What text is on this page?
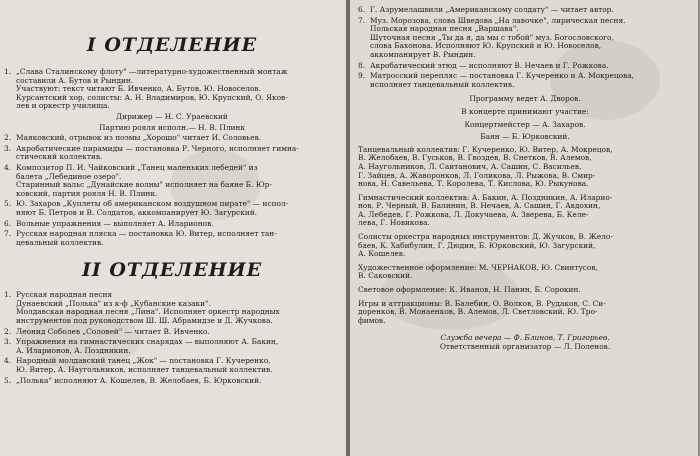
I ОТДЕЛЕНИЕ
1. „Слава Сталинскому флоту" —литературно-художественный монтаж
составили А. Бутов и Рындин.
Участвуют: текст читают Б. Ивченко, А. Бутов, Ю. Новоселов.
Курсантский хор, солисты: А. Н. Владимиров, Ю. Крупский, О. Яков-
лев и оркестр училища.
Дирижер — Н. С. Ураевский
Партию рояля исполн.— Н. В. Плинк
2. Маяковский, отрывок из поэмы „Хорошо" читает И. Соловьев.
3. Акробатические пирамиды — постановка Р. Черного, исполняет гимна-
стический коллектив.
4. Композитор П. И. Чайковский „Танец маленьких лебедей" из
балета „Лебединое озеро".
Старинный вальс „Дунайские волны" исполняет на баяне Б. Юр-
ковский, партия рояля Н. В. Плинк.
5. Ю. Захаров „Куплеты об американском воздушном пирате" — испол-
няют Б. Петров и В. Солдатов, аккомпанирует Ю. Загурский.
6. Вольные упражнения — выполняет А. Иларионов.
7. Русская народная пляска — постановка Ю. Витер, исполняет тан-
цевальный коллектив.
II ОТДЕЛЕНИЕ
1. Русская народная песня
Дунаевский „Полька" из к-ф „Кубанские казаки".
Молдавская народная песня „Лина". Исполняет оркестр народных
инструментов под руководством Ш. Ш. Абрамидзе и Д. Жучкова.
2. Леонид Соболев „Соловей" — читает В. Ивченко.
3. Упражнения на гимнастических снарядах — выполняют А. Бакин,
А. Иларионов, А. Поздникин.
4. Народный молдавский танец „Жок" — постановка Г. Кучеренко,
Ю. Витер, А. Наугольников, исполняет танцевальный коллектив.
5. „Полька" исполняют А. Кошелев, В. Желобаев, Б. Юрковский.
6. Г. Азрумелашвили „Американскому солдату" — читает автор.
7. Муз. Морозова, слова Шведова „На лавочке", лирическая песня.
Польская народная песня „Варшава".
Шуточная песня „Ты да я, да мы с тобой" муз. Богословского,
слова Бахонова. Исполняют Ю. Крупский и Ю. Новоселов,
аккомпанирует В. Рындин.
8. Акробатический этюд — исполняют В. Нечаев и Г. Рожкова.
9. Матросский перепляс — постановка Г. Кучеренко и А. Мокрецова,
исполняет танцевальный коллектив.
Программу ведет А. Дворов.
В концерте принимают участие:
Концертмейстер — А. Захаров.
Баян — Б. Юрковский.
Танцевальный коллектив: Г. Кучеренко, Ю. Витер, А. Мокрецов,
В. Желобаев, В. Гуськов, В. Гвоздев, В. Снетков, В. Алемов,
А. Наугольников, Л. Саитанович, А. Сашин, С. Васильев,
Г. Зайцев, А. Жаворонков, Л. Голикова, Л. Рыжова, В. Смир-
нова, Н. Савельева, Т. Королева, Т. Кислова, Ю. Рыкунова.
Гимнастический коллектив: А. Бакин, А. Поздникин, А. Иларио-
нов, Р. Черный, В. Балинин, В. Нечаев, А. Сашин, Г. Авдохин,
А. Лебедев, Г. Рожкова, Л. Докучаева, А. Зверева, Б. Келе-
лева, Г. Новикова.
Солисты оркестра народных инструментов: Д. Жучков, В. Жело-
баев, К. Хабибулин, Г. Дюдин, Б. Юрковский, Ю. Загурский,
А. Кошелев.
Художественное оформление: М. ЧЕРНАКОВ, Ю. Свинтусов,
В. Саковский.
Световое оформление: К. Иванов, Н. Панин, Б. Сорокин.
Игры и аттракционы: В. Балебин, О. Волков, В. Рудаков, С. Си-
доренков, В. Монаенков, В. Алемов, Л. Светловский, Ю. Тро-
фимов.
Служба вечера — Ф. Блинов, Т. Григорьев.
Ответственный организатор — Л. Поленов.
